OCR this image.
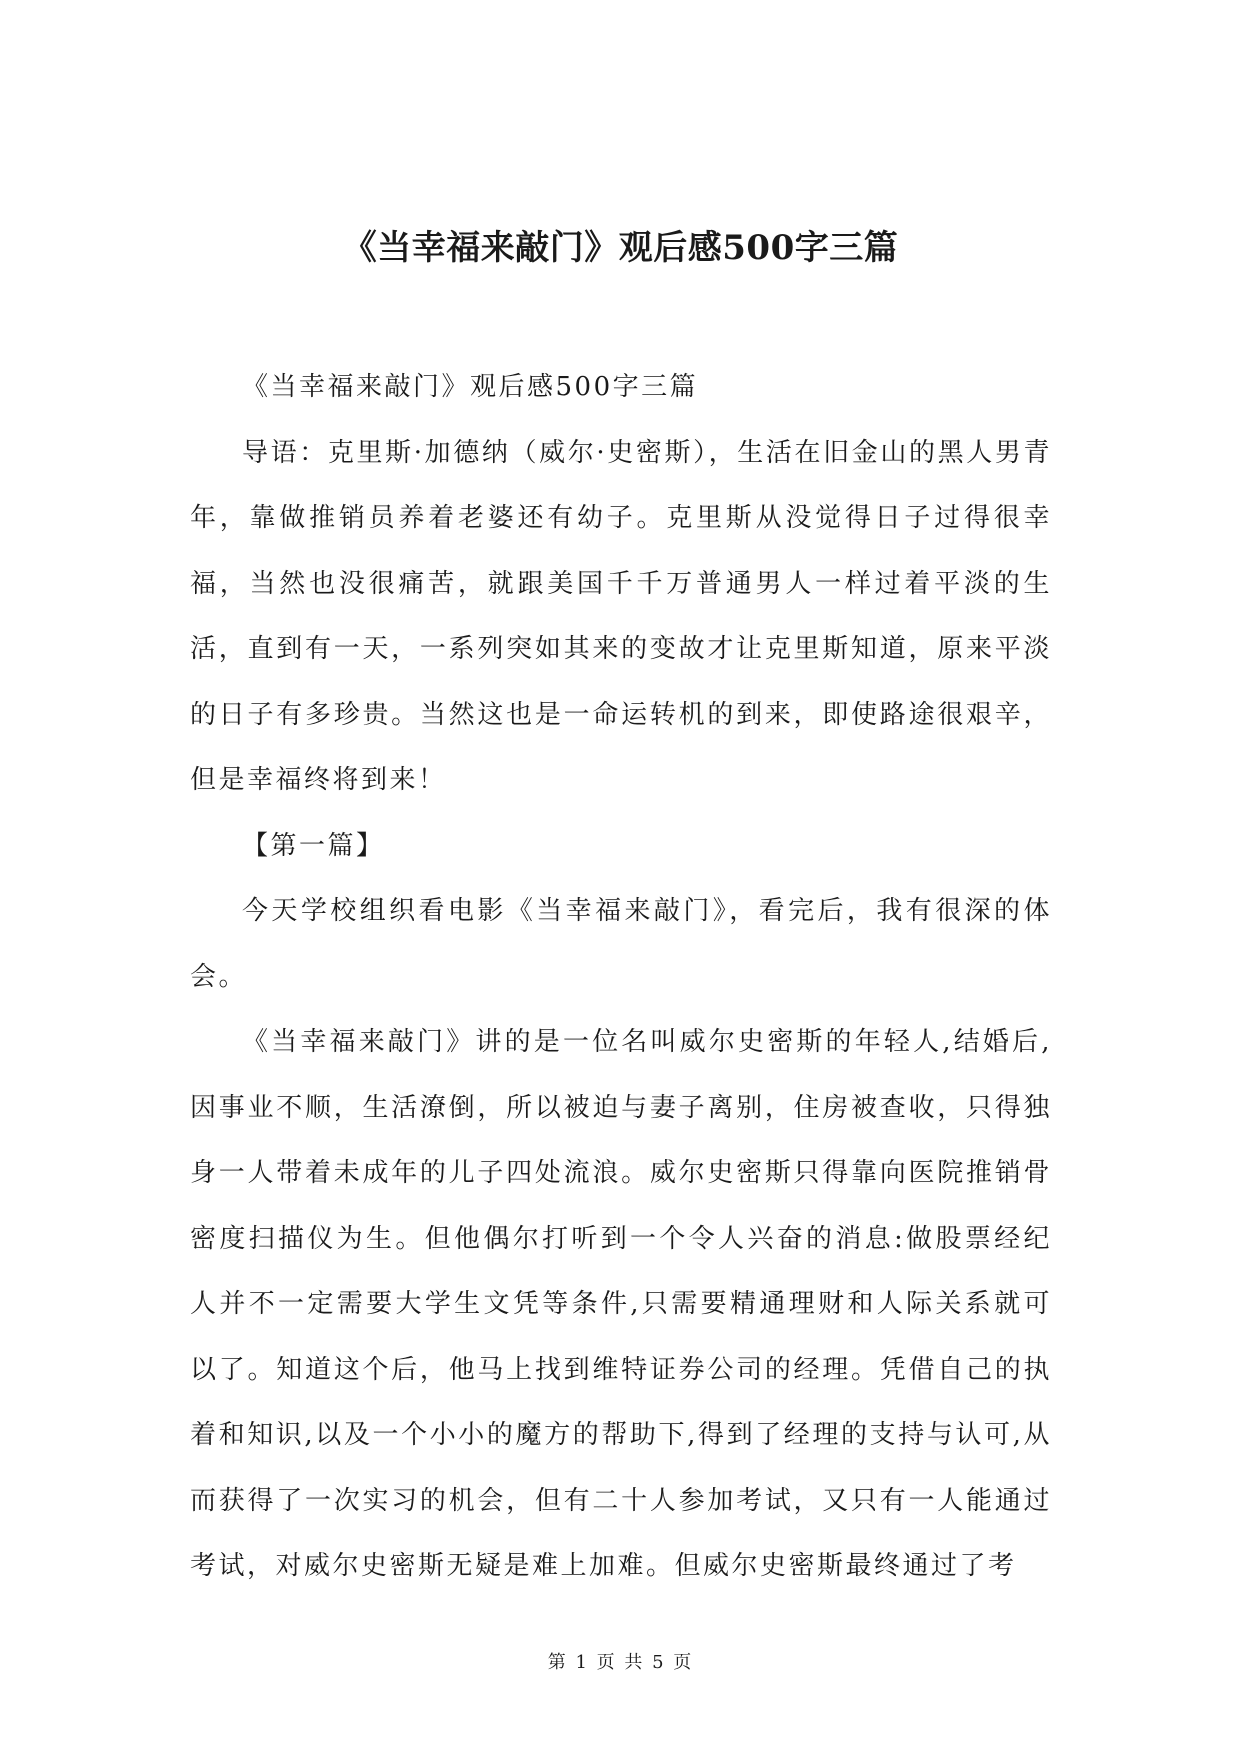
《当幸福来敲门》观后感500字三篇

《当幸福来敲门》观后感500字三篇

导语：克里斯·加德纳（威尔·史密斯），生活在旧金山的黑人男青年，靠做推销员养着老婆还有幼子。克里斯从没觉得日子过得很幸福，当然也没很痛苦，就跟美国千千万普通男人一样过着平淡的生活，直到有一天，一系列突如其来的变故才让克里斯知道，原来平淡的日子有多珍贵。当然这也是一命运转机的到来，即使路途很艰辛，但是幸福终将到来！

【第一篇】

今天学校组织看电影《当幸福来敲门》，看完后，我有很深的体会。

《当幸福来敲门》讲的是一位名叫威尔史密斯的年轻人,结婚后,因事业不顺，生活潦倒，所以被迫与妻子离别，住房被查收，只得独身一人带着未成年的儿子四处流浪。威尔史密斯只得靠向医院推销骨密度扫描仪为生。但他偶尔打听到一个令人兴奋的消息:做股票经纪人并不一定需要大学生文凭等条件,只需要精通理财和人际关系就可以了。知道这个后，他马上找到维特证券公司的经理。凭借自己的执着和知识,以及一个小小的魔方的帮助下,得到了经理的支持与认可,从而获得了一次实习的机会，但有二十人参加考试，又只有一人能通过考试，对威尔史密斯无疑是难上加难。但威尔史密斯最终通过了考

第 1 页 共 5 页
